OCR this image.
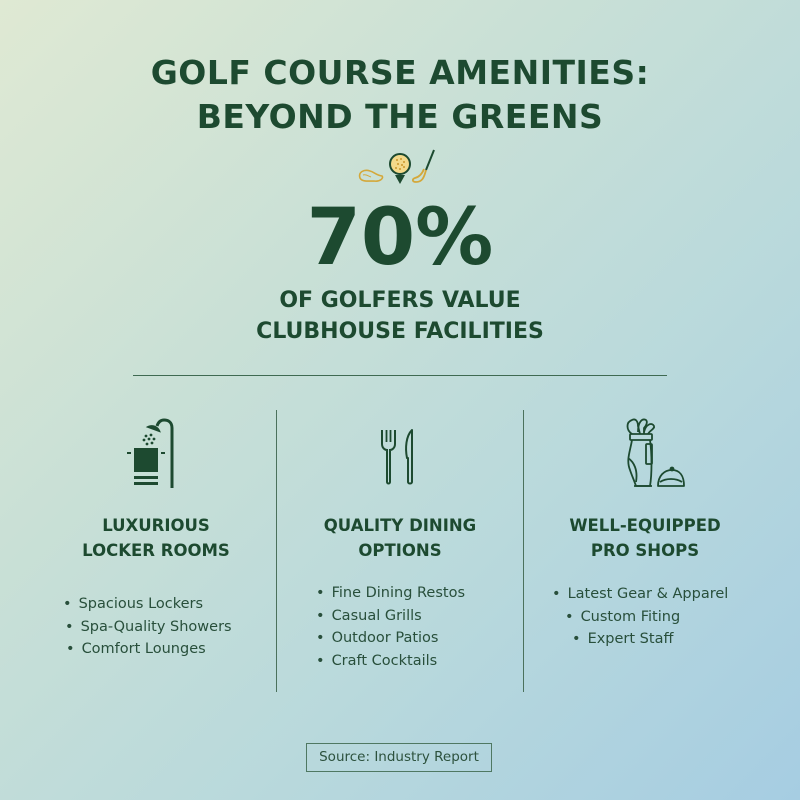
GOLF COURSE AMENITIES:
BEYOND THE GREENS
70%
OF GOLFERS VALUE
CLUBHOUSE FACILITIES
LUXURIOUS
LOCKER ROOMS
• Spacious Lockers
• Spa-Quality Showers
• Comfort Lounges
QUALITY DINING
OPTIONS
• Fine Dining Restos
• Casual Grills
• Outdoor Patios
• Craft Cocktails
WELL-EQUIPPED
PRO SHOPS
• Latest Gear & Apparel
• Custom Fiting
• Expert Staff
Source: Industry Report
